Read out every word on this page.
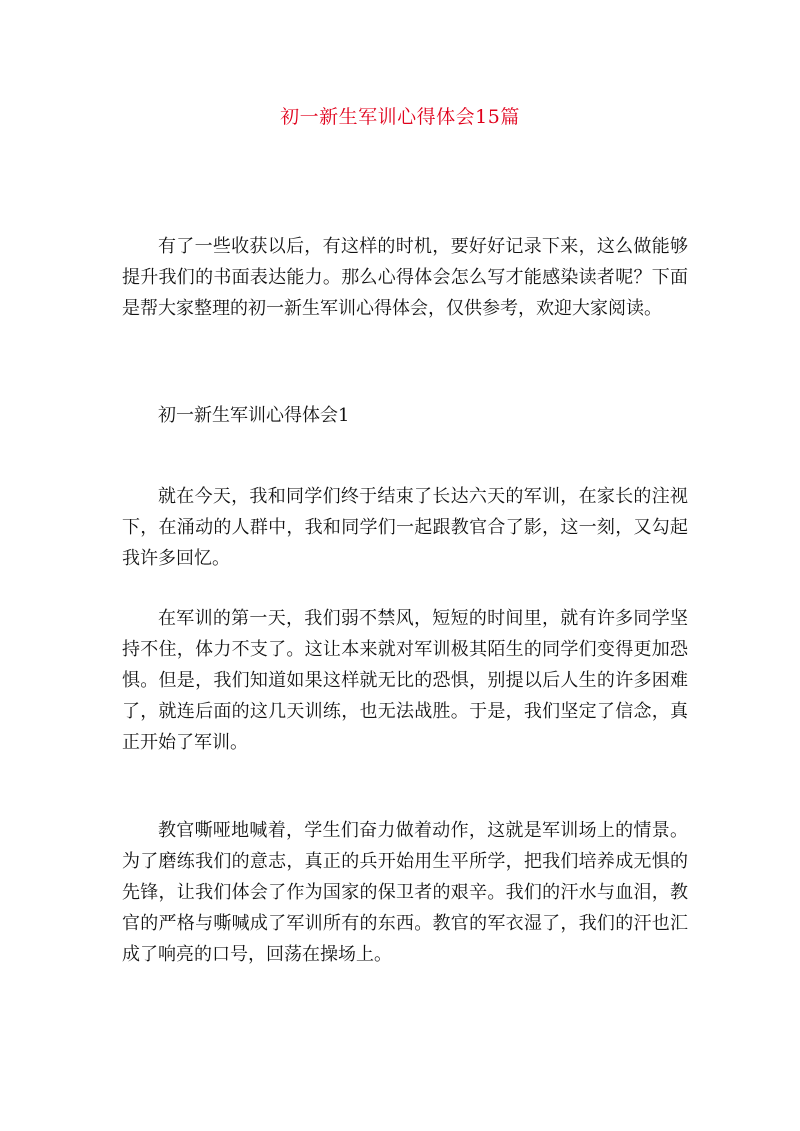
初一新生军训心得体会15篇

有了一些收获以后，有这样的时机，要好好记录下来，这么做能够提升我们的书面表达能力。那么心得体会怎么写才能感染读者呢？下面是帮大家整理的初一新生军训心得体会，仅供参考，欢迎大家阅读。

初一新生军训心得体会1

就在今天，我和同学们终于结束了长达六天的军训，在家长的注视下，在涌动的人群中，我和同学们一起跟教官合了影，这一刻，又勾起我许多回忆。

在军训的第一天，我们弱不禁风，短短的时间里，就有许多同学坚持不住，体力不支了。这让本来就对军训极其陌生的同学们变得更加恐惧。但是，我们知道如果这样就无比的恐惧，别提以后人生的许多困难了，就连后面的这几天训练，也无法战胜。于是，我们坚定了信念，真正开始了军训。

教官嘶哑地喊着，学生们奋力做着动作，这就是军训场上的情景。为了磨练我们的意志，真正的兵开始用生平所学，把我们培养成无惧的先锋，让我们体会了作为国家的保卫者的艰辛。我们的汗水与血泪，教官的严格与嘶喊成了军训所有的东西。教官的军衣湿了，我们的汗也汇成了响亮的口号，回荡在操场上。
